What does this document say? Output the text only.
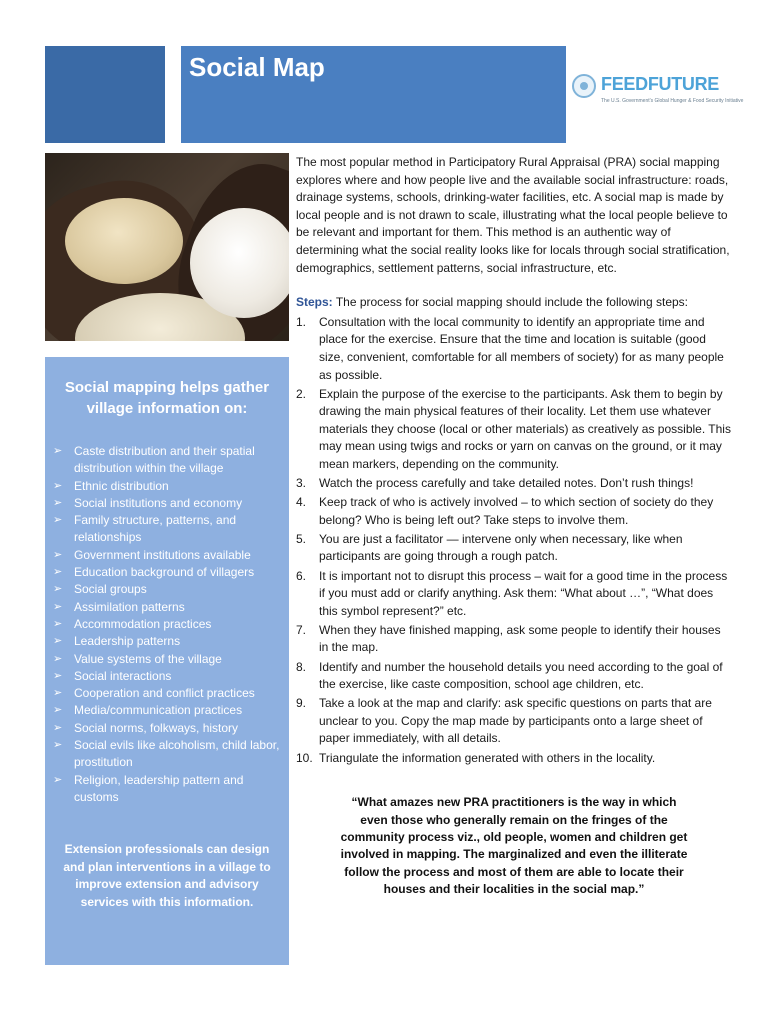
Social Map
FEEDFUTURE
The U.S. Government's Global Hunger & Food Security Initiative
Social mapping helps gather village information on:
➢ Caste distribution and their spatial distribution within the village
➢ Ethnic distribution
➢ Social institutions and economy
➢ Family structure, patterns, and relationships
➢ Government institutions available
➢ Education background of villagers
➢ Social groups
➢ Assimilation patterns
➢ Accommodation practices
➢ Leadership patterns
➢ Value systems of the village
➢ Social interactions
➢ Cooperation and conflict practices
➢ Media/communication practices
➢ Social norms, folkways, history
➢ Social evils like alcoholism, child labor, prostitution
➢ Religion, leadership pattern and customs

Extension professionals can design and plan interventions in a village to improve extension and advisory services with this information.

The most popular method in Participatory Rural Appraisal (PRA) social mapping explores where and how people live and the available social infrastructure: roads, drainage systems, schools, drinking-water facilities, etc. A social map is made by local people and is not drawn to scale, illustrating what the local people believe to be relevant and important for them. This method is an authentic way of determining what the social reality looks like for locals through social stratification, demographics, settlement patterns, social infrastructure, etc.

Steps: The process for social mapping should include the following steps:

1. Consultation with the local community to identify an appropriate time and place for the exercise. Ensure that the time and location is suitable (good size, convenient, comfortable for all members of society) for as many people as possible.
2. Explain the purpose of the exercise to the participants. Ask them to begin by drawing the main physical features of their locality. Let them use whatever materials they choose (local or other materials) as creatively as possible. This may mean using twigs and rocks or yarn on canvas on the ground, or it may mean markers, depending on the community.
3. Watch the process carefully and take detailed notes. Don’t rush things!
4. Keep track of who is actively involved – to which section of society do they belong? Who is being left out? Take steps to involve them.
5. You are just a facilitator — intervene only when necessary, like when participants are going through a rough patch.
6. It is important not to disrupt this process – wait for a good time in the process if you must add or clarify anything. Ask them: “What about …”, “What does this symbol represent?” etc.
7. When they have finished mapping, ask some people to identify their houses in the map.
8. Identify and number the household details you need according to the goal of the exercise, like caste composition, school age children, etc.
9. Take a look at the map and clarify: ask specific questions on parts that are unclear to you. Copy the map made by participants onto a large sheet of paper immediately, with all details.
10. Triangulate the information generated with others in the locality.

“What amazes new PRA practitioners is the way in which even those who generally remain on the fringes of the community process viz., old people, women and children get involved in mapping. The marginalized and even the illiterate follow the process and most of them are able to locate their houses and their localities in the social map.”
